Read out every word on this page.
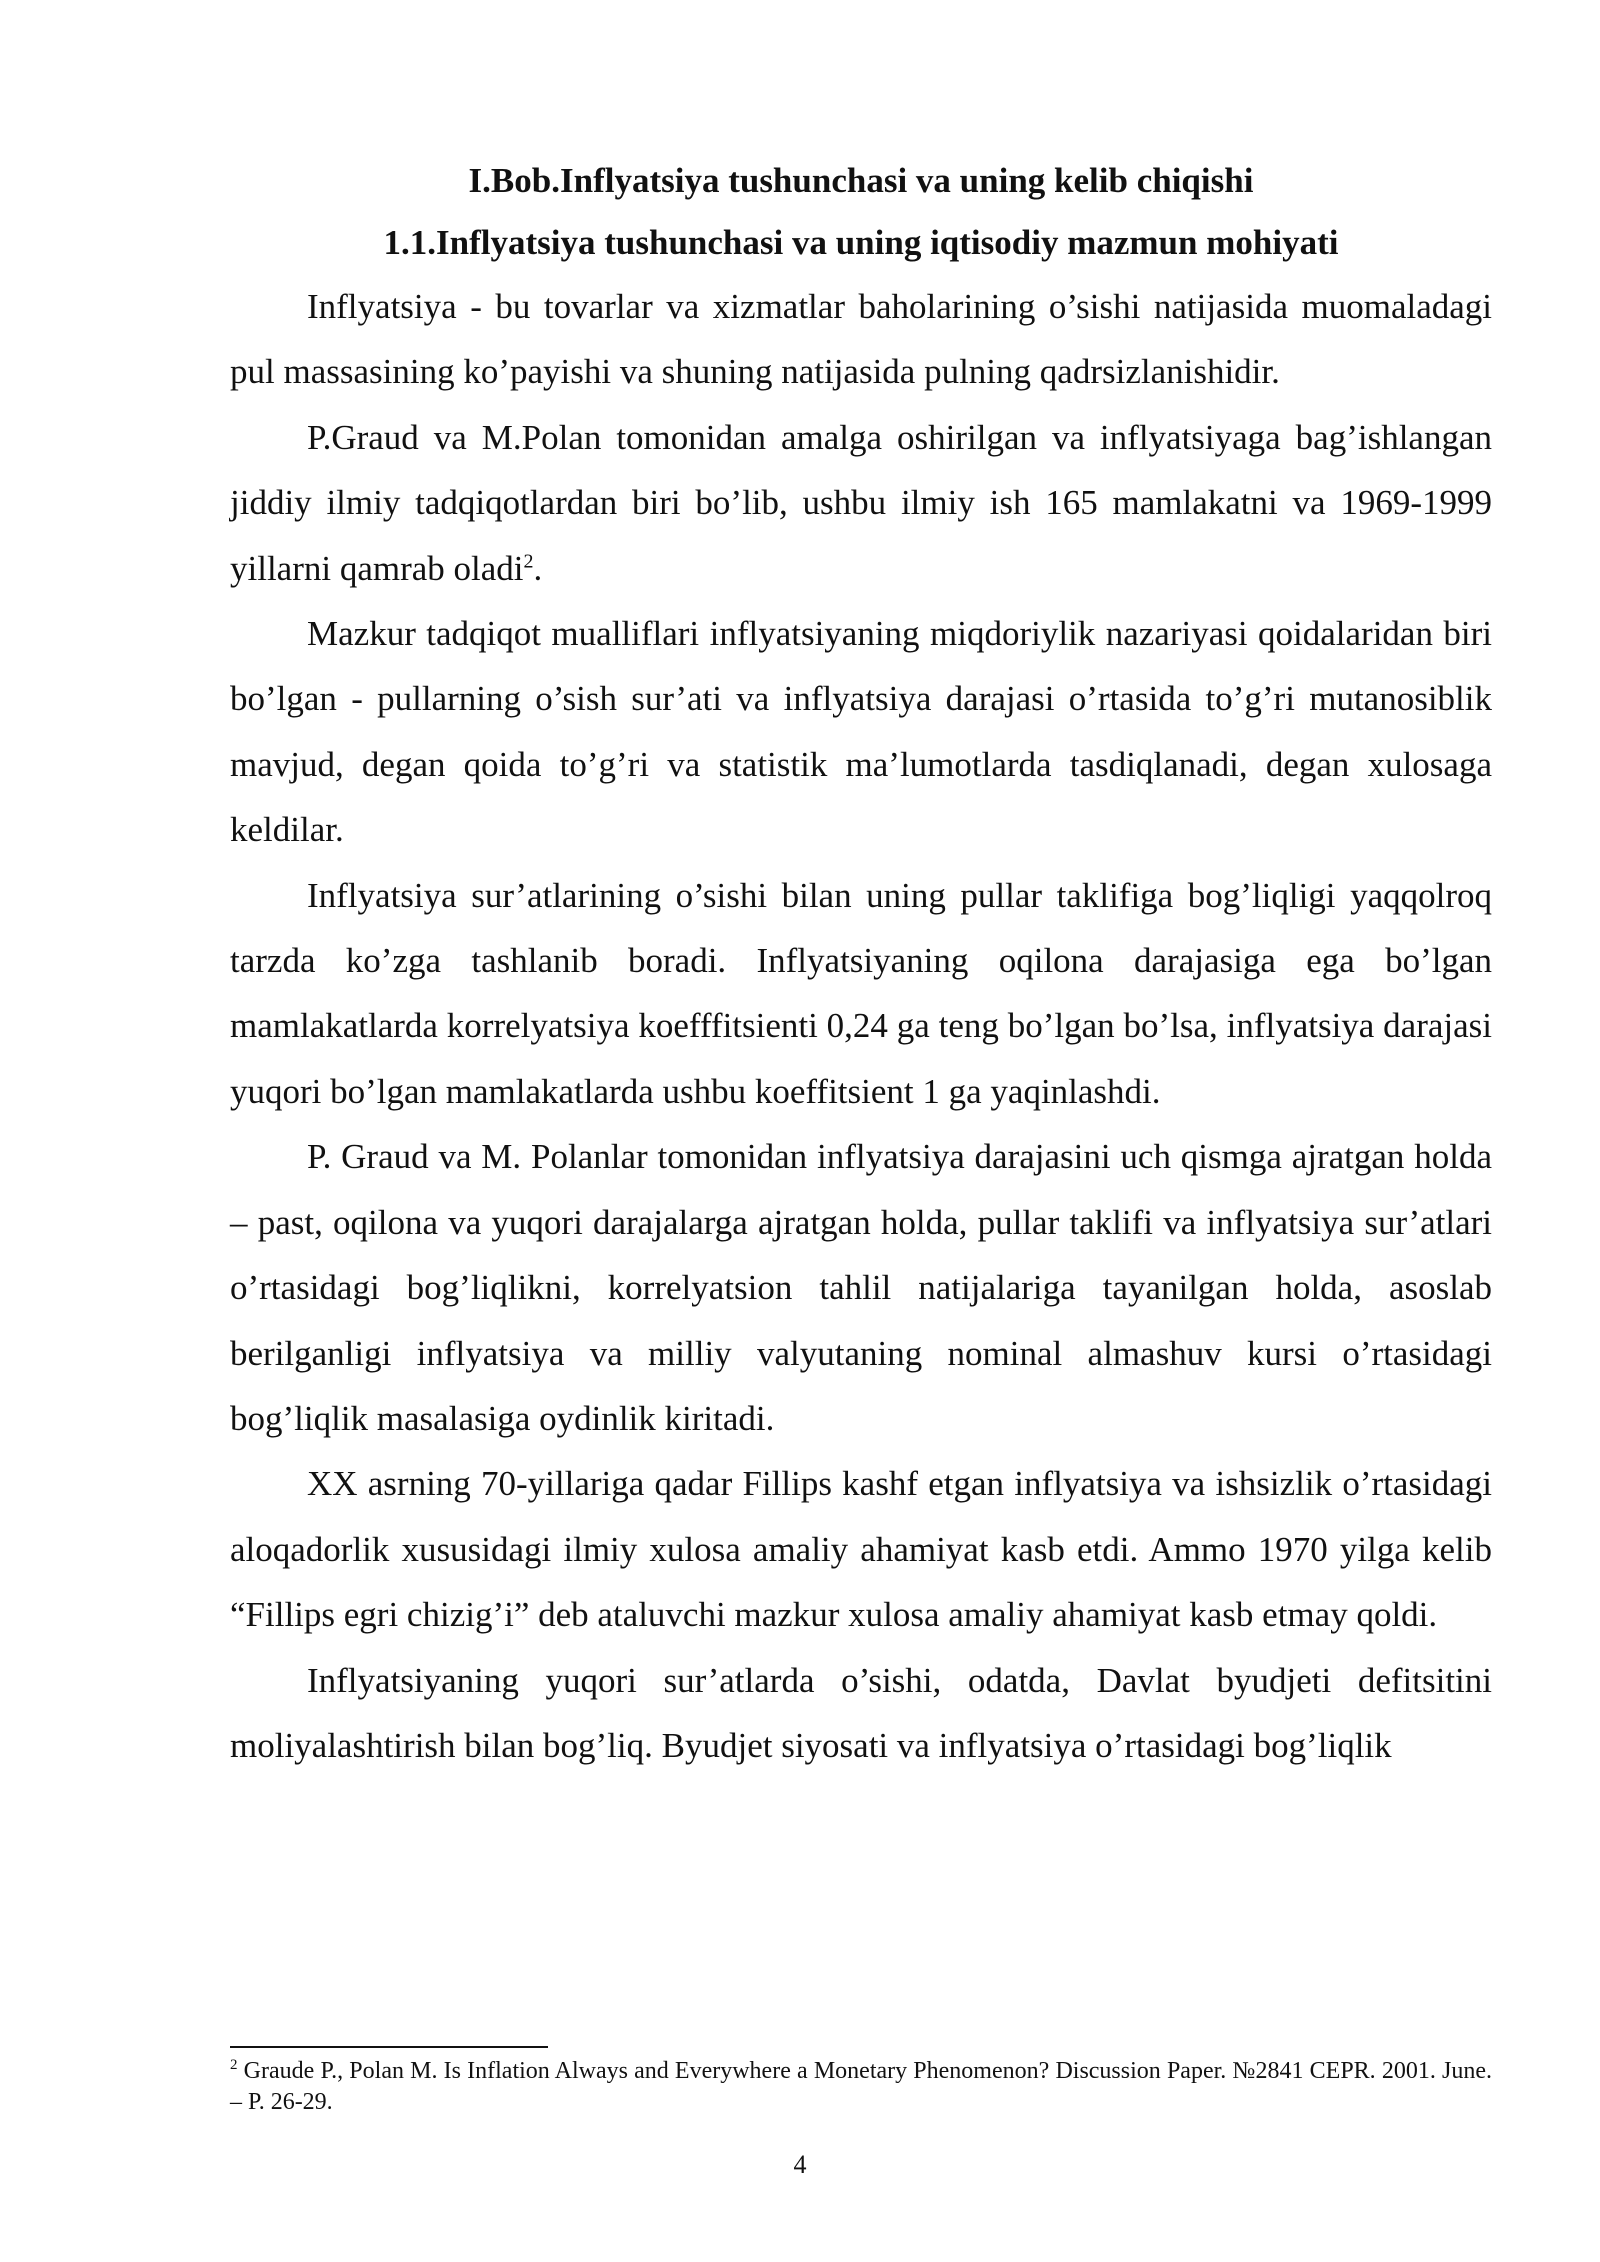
I.Bob.Inflyatsiya tushunchasi va uning kelib chiqishi

1.1.Inflyatsiya tushunchasi va uning iqtisodiy mazmun mohiyati

Inflyatsiya - bu tovarlar va xizmatlar baholarining o’sishi natijasida muomaladagi pul massasining ko’payishi va shuning natijasida pulning qadrsizlanishidir.

P.Graud va M.Polan tomonidan amalga oshirilgan va inflyatsiyaga bag’ishlangan jiddiy ilmiy tadqiqotlardan biri bo’lib, ushbu ilmiy ish 165 mamlakatni va 1969-1999 yillarni qamrab oladi$^2$.

Mazkur tadqiqot mualliflari inflyatsiyaning miqdoriylik nazariyasi qoidalaridan biri bo’lgan - pullarning o’sish sur’ati va inflyatsiya darajasi o’rtasida to’g’ri mutanosiblik mavjud, degan qoida to’g’ri va statistik ma’lumotlarda tasdiqlanadi, degan xulosaga keldilar.

Inflyatsiya sur’atlarining o’sishi bilan uning pullar taklifiga bog’liqligi yaqqolroq tarzda ko’zga tashlanib boradi. Inflyatsiyaning oqilona darajasiga ega bo’lgan mamlakatlarda korrelyatsiya koefffitsienti 0,24 ga teng bo’lgan bo’lsa, inflyatsiya darajasi yuqori bo’lgan mamlakatlarda ushbu koeffitsient 1 ga yaqinlashdi.

P. Graud va M. Polanlar tomonidan inflyatsiya darajasini uch qismga ajratgan holda – past, oqilona va yuqori darajalarga ajratgan holda, pullar taklifi va inflyatsiya sur’atlari o’rtasidagi bog’liqlikni, korrelyatsion tahlil natijalariga tayanilgan holda, asoslab berilganligi inflyatsiya va milliy valyutaning nominal almashuv kursi o’rtasidagi bog’liqlik masalasiga oydinlik kiritadi.

XX asrning 70-yillariga qadar Fillips kashf etgan inflyatsiya va ishsizlik o’rtasidagi aloqadorlik xususidagi ilmiy xulosa amaliy ahamiyat kasb etdi. Ammo 1970 yilga kelib “Fillips egri chizig’i” deb ataluvchi mazkur xulosa amaliy ahamiyat kasb etmay qoldi.

Inflyatsiyaning yuqori sur’atlarda o’sishi, odatda, Davlat byudjeti defitsitini moliyalashtirish bilan bog’liq. Byudjet siyosati va inflyatsiya o’rtasidagi bog’liqlik

$^2$ Graude P., Polan M. Is Inflation Always and Everywhere a Monetary Phenomenon? Discussion Paper. №2841 CEPR. 2001. June. – P. 26-29.

4
